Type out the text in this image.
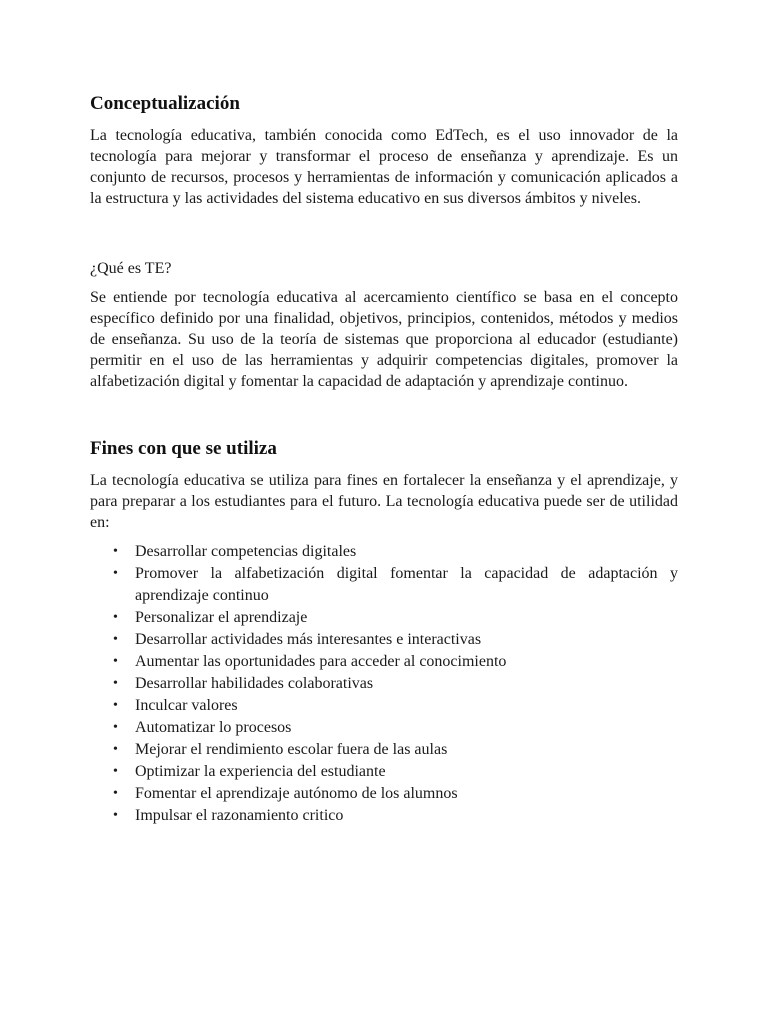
Conceptualización

La tecnología educativa, también conocida como EdTech, es el uso innovador de la tecnología para mejorar y transformar el proceso de enseñanza y aprendizaje. Es un conjunto de recursos, procesos y herramientas de información y comunicación aplicados a la estructura y las actividades del sistema educativo en sus diversos ámbitos y niveles.

¿Qué es TE?

Se entiende por tecnología educativa al acercamiento científico se basa en el concepto específico definido por una finalidad, objetivos, principios, contenidos, métodos y medios de enseñanza. Su uso de la teoría de sistemas que proporciona al educador (estudiante) permitir en el uso de las herramientas y adquirir competencias digitales, promover la alfabetización digital y fomentar la capacidad de adaptación y aprendizaje continuo.

Fines con que se utiliza

La tecnología educativa se utiliza para fines en fortalecer la enseñanza y el aprendizaje, y para preparar a los estudiantes para el futuro. La tecnología educativa puede ser de utilidad en:

• Desarrollar competencias digitales
• Promover la alfabetización digital fomentar la capacidad de adaptación y aprendizaje continuo
• Personalizar el aprendizaje
• Desarrollar actividades más interesantes e interactivas
• Aumentar las oportunidades para acceder al conocimiento
• Desarrollar habilidades colaborativas
• Inculcar valores
• Automatizar lo procesos
• Mejorar el rendimiento escolar fuera de las aulas
• Optimizar la experiencia del estudiante
• Fomentar el aprendizaje autónomo de los alumnos
• Impulsar el razonamiento critico
